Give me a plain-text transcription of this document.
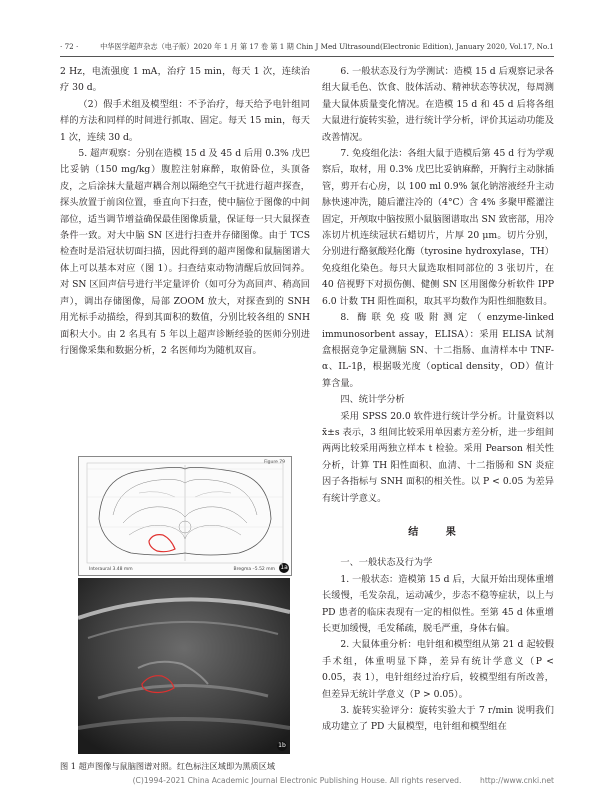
· 72 ·	中华医学超声杂志（电子版）2020 年 1 月 第 17 卷 第 1 期 Chin J Med Ultrasound(Electronic Edition), January 2020, Vol.17, No.1

2 Hz，电流强度 1 mA，治疗 15 min，每天 1 次，连续治疗 30 d。

（2）假手术组及模型组：不予治疗，每天给予电针组同样的方法和同样的时间进行抓取、固定。每天 15 min，每天 1 次，连续 30 d。

5. 超声观察：分别在造模 15 d 及 45 d 后用 0.3% 戊巴比妥钠（150 mg/kg）腹腔注射麻醉，取俯卧位，头顶备皮，之后涂抹大量超声耦合剂以隔绝空气干扰进行超声探查，探头放置于前囟位置，垂直向下扫查，使中脑位于图像的中间部位，适当调节增益确保最佳图像质量，保证每一只大鼠探查条件一致。对大中脑 SN 区进行扫查并存储图像。由于 TCS 检查时是沿冠状切面扫描，因此得到的超声图像和鼠脑图谱大体上可以基本对应（图 1）。扫查结束动物清醒后放回饲养。对 SN 区回声信号进行半定量评价（如可分为高回声、稍高回声），调出存储图像，局部 ZOOM 放大，对探查到的 SNH 用光标手动描绘，得到其面积的数值，分别比较各组的 SNH 面积大小。由 2 名具有 5 年以上超声诊断经验的医师分别进行图像采集和数据分析，2 名医师均为随机双盲。

Figure 79
Interaural 3.48 mm	Bregma –5.52 mm 1a
1b
图 1 超声图像与鼠脑图谱对照。红色标注区域即为黑质区域

6. 一般状态及行为学测试：造模 15 d 后观察记录各组大鼠毛色、饮食、肢体活动、精神状态等状况，每周测量大鼠体质量变化情况。在造模 15 d 和 45 d 后将各组大鼠进行旋转实验，进行统计学分析，评价其运动功能及改善情况。

7. 免疫组化法：各组大鼠于造模后第 45 d 行为学观察后，取材，用 0.3% 戊巴比妥钠麻醉，开胸行主动脉插管，剪开右心房，以 100 ml 0.9% 氯化钠溶液经升主动脉快速冲洗，随后灌注冷的（4°C）含 4% 多聚甲醛灌注固定，开颅取中脑按照小鼠脑图谱取出 SN 致密部，用冷冻切片机连续冠状石蜡切片，片厚 20 μm。切片分别，分别进行酪氨酸羟化酶（tyrosine hydroxylase，TH）免疫组化染色。每只大鼠选取相同部位的 3 张切片，在 40 倍视野下对损伤侧、健侧 SN 区用图像分析软件 IPP 6.0 计数 TH 阳性面积，取其平均数作为阳性细胞数目。

8. 酶联免疫吸附测定（enzyme-linked immunosorbent assay，ELISA）：采用 ELISA 试剂盒根据竞争定量测脑 SN、十二指肠、血清样本中 TNF-α、IL-1β，根据吸光度（optical density，OD）值计算含量。

四、统计学分析

采用 SPSS 20.0 软件进行统计学分析。计量资料以 x̄±s 表示，3 组间比较采用单因素方差分析，进一步组间两两比较采用两独立样本 t 检验。采用 Pearson 相关性分析，计算 TH 阳性面积、血清、十二指肠和 SN 炎症因子各指标与 SNH 面积的相关性。以 P < 0.05 为差异有统计学意义。

结 果

一、一般状态及行为学

1. 一般状态：造模第 15 d 后，大鼠开始出现体重增长缓慢，毛发杂乱，运动减少，步态不稳等症状，以上与 PD 患者的临床表现有一定的相似性。至第 45 d 体重增长更加缓慢，毛发稀疏，脱毛严重，身体右偏。

2. 大鼠体重分析：电针组和模型组从第 21 d 起较假手术组，体重明显下降，差异有统计学意义（P < 0.05，表 1），电针组经过治疗后，较模型组有所改善，但差异无统计学意义（P > 0.05）。

3. 旋转实验评分：旋转实验大于 7 r/min 说明我们成功建立了 PD 大鼠模型，电针组和模型组在

(C)1994-2021 China Academic Journal Electronic Publishing House. All rights reserved. http://www.cnki.net
